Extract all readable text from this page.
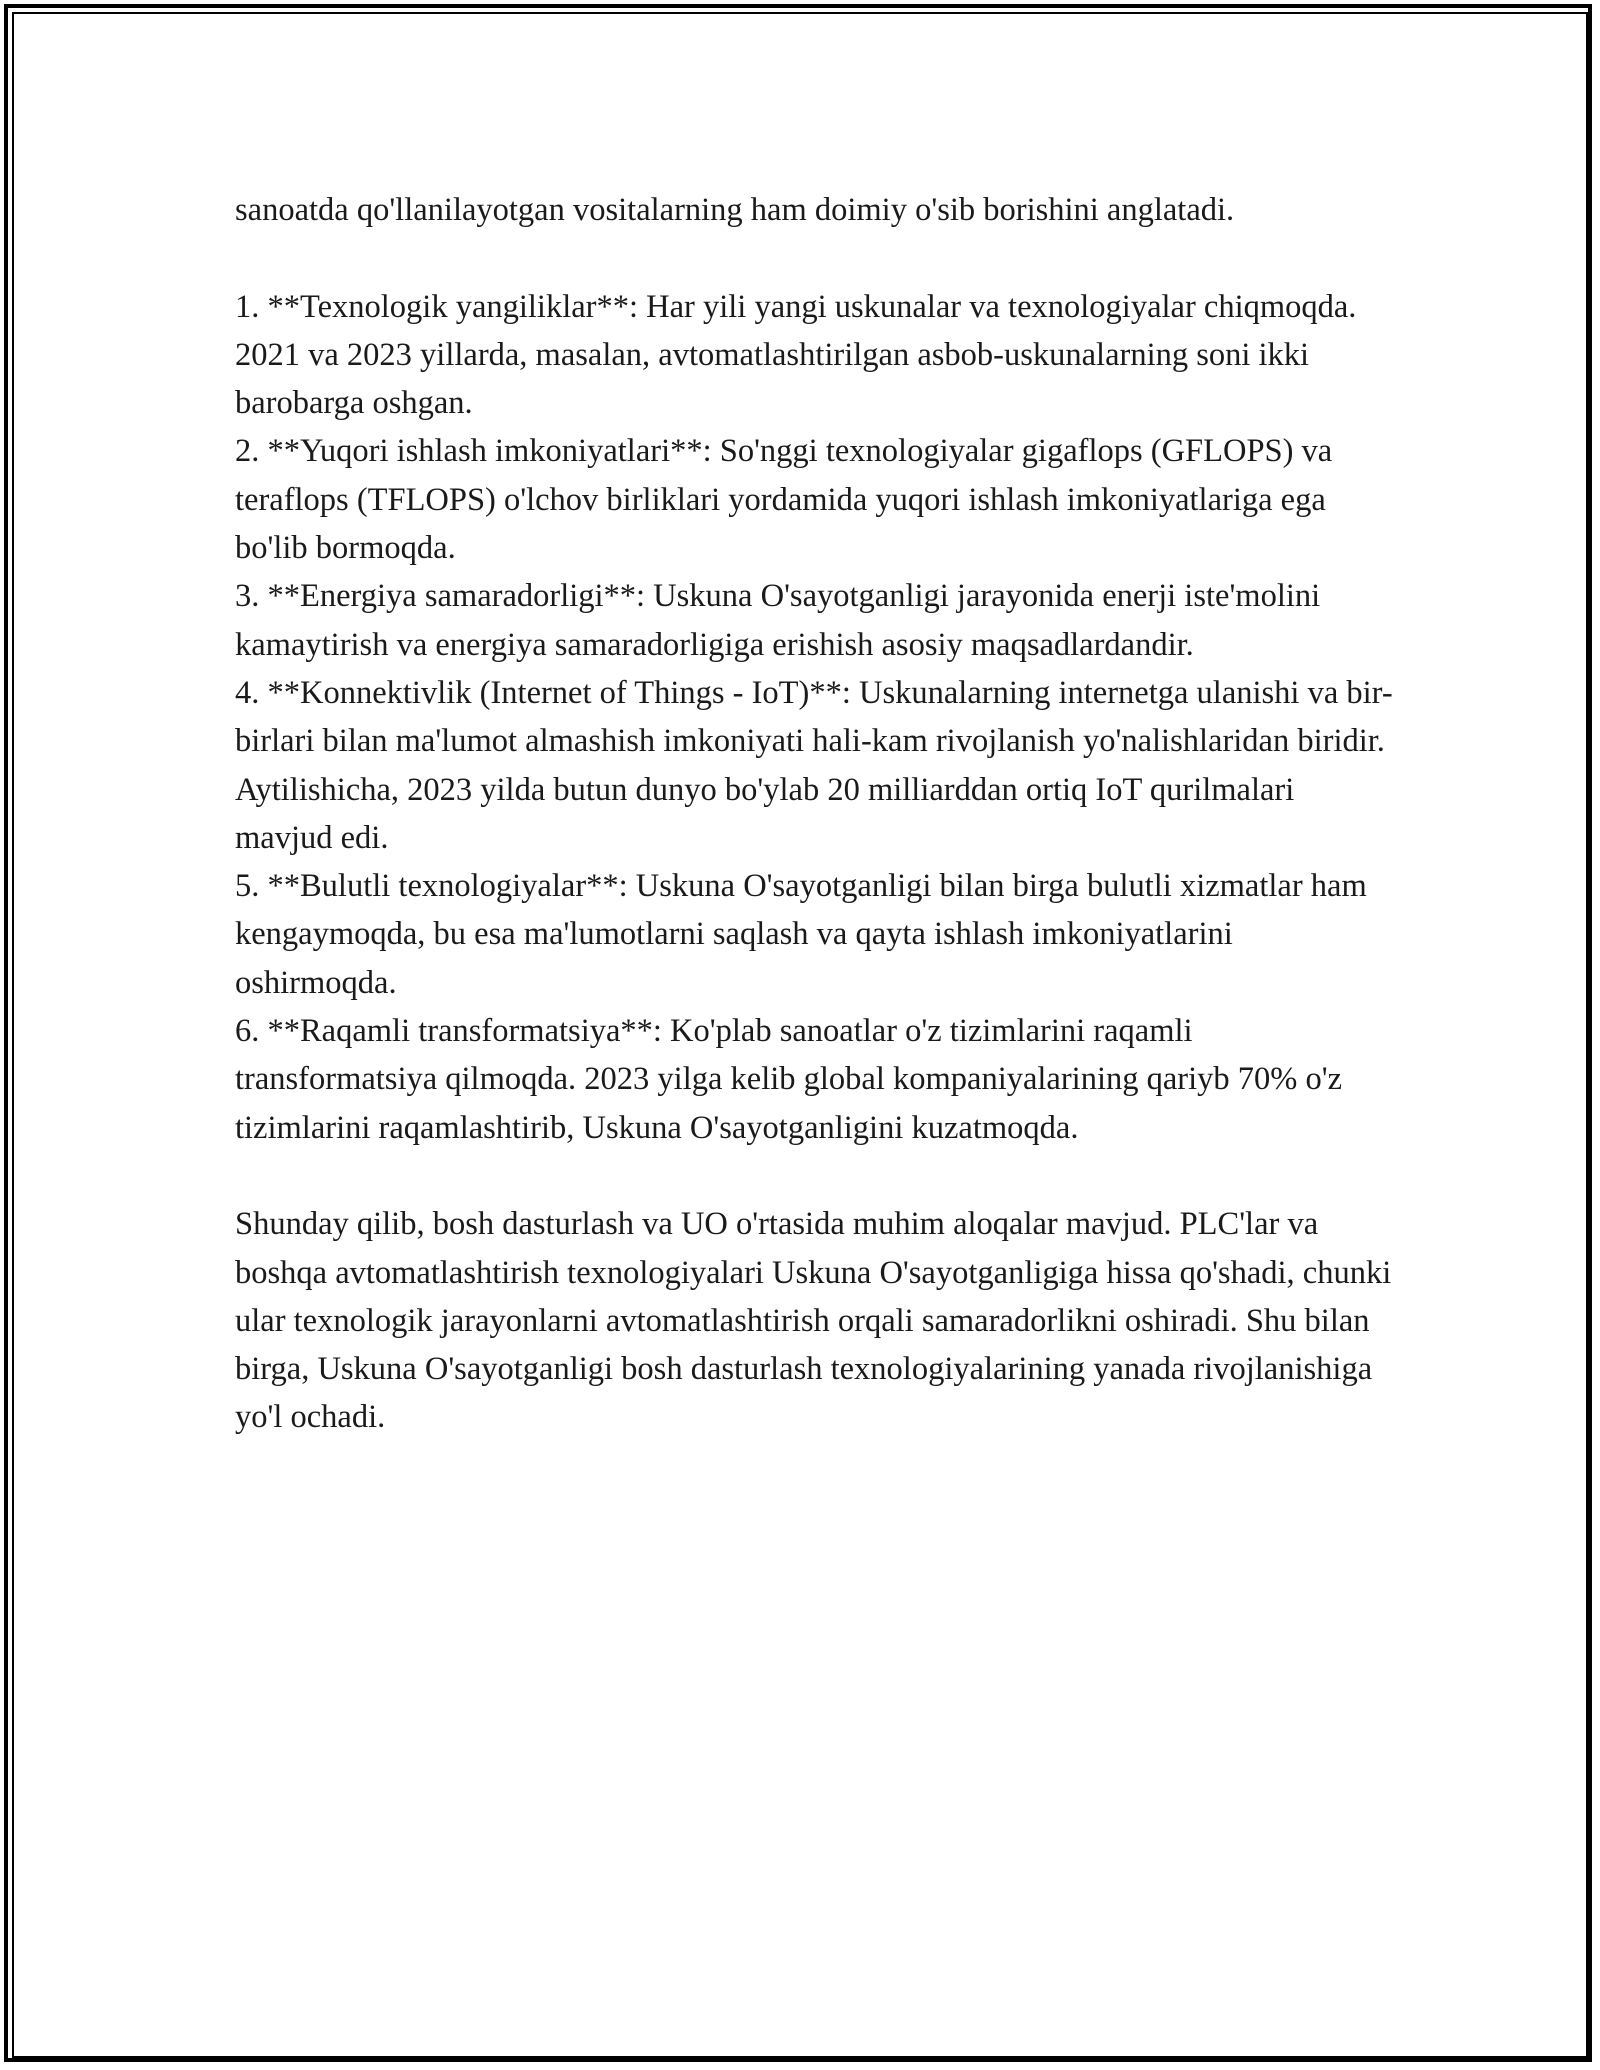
sanoatda qo'llanilayotgan vositalarning ham doimiy o'sib borishini anglatadi.

1. **Texnologik yangiliklar**: Har yili yangi uskunalar va texnologiyalar chiqmoqda. 2021 va 2023 yillarda, masalan, avtomatlashtirilgan asbob-uskunalarning soni ikki barobarga oshgan.

2. **Yuqori ishlash imkoniyatlari**: So'nggi texnologiyalar gigaflops (GFLOPS) va teraflops (TFLOPS) o'lchov birliklari yordamida yuqori ishlash imkoniyatlariga ega bo'lib bormoqda.

3. **Energiya samaradorligi**: Uskuna O'sayotganligi jarayonida enerji iste'molini kamaytirish va energiya samaradorligiga erishish asosiy maqsadlardandir.

4. **Konnektivlik (Internet of Things - IoT)**: Uskunalarning internetga ulanishi va bir-birlari bilan ma'lumot almashish imkoniyati hali-kam rivojlanish yo'nalishlaridan biridir. Aytilishicha, 2023 yilda butun dunyo bo'ylab 20 milliarddan ortiq IoT qurilmalari mavjud edi.

5. **Bulutli texnologiyalar**: Uskuna O'sayotganligi bilan birga bulutli xizmatlar ham kengaymoqda, bu esa ma'lumotlarni saqlash va qayta ishlash imkoniyatlarini oshirmoqda.

6. **Raqamli transformatsiya**: Ko'plab sanoatlar o'z tizimlarini raqamli transformatsiya qilmoqda. 2023 yilga kelib global kompaniyalarining qariyb 70% o'z tizimlarini raqamlashtirib, Uskuna O'sayotganligini kuzatmoqda.

Shunday qilib, bosh dasturlash va UO o'rtasida muhim aloqalar mavjud. PLC'lar va boshqa avtomatlashtirish texnologiyalari Uskuna O'sayotganligiga hissa qo'shadi, chunki ular texnologik jarayonlarni avtomatlashtirish orqali samaradorlikni oshiradi. Shu bilan birga, Uskuna O'sayotganligi bosh dasturlash texnologiyalarining yanada rivojlanishiga yo'l ochadi.
